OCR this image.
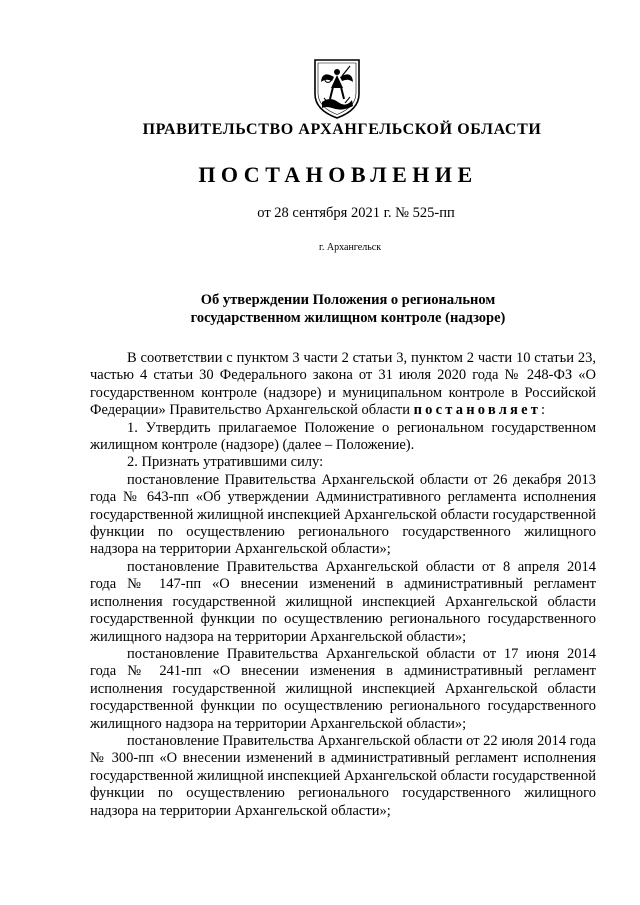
ПРАВИТЕЛЬСТВО АРХАНГЕЛЬСКОЙ ОБЛАСТИ
ПОСТАНОВЛЕНИЕ
от 28 сентября 2021 г. № 525-пп
г. Архангельск
Об утверждении Положения о региональном
государственном жилищном контроле (надзоре)

В соответствии с пунктом 3 части 2 статьи 3, пунктом 2 части 10 статьи 23, частью 4 статьи 30 Федерального закона от 31 июля 2020 года № 248-ФЗ «О государственном контроле (надзоре) и муниципальном контроле в Российской Федерации» Правительство Архангельской области постановляет:

1. Утвердить прилагаемое Положение о региональном государственном жилищном контроле (надзоре) (далее – Положение).

2. Признать утратившими силу:

постановление Правительства Архангельской области от 26 декабря 2013 года № 643-пп «Об утверждении Административного регламента исполнения государственной жилищной инспекцией Архангельской области государственной функции по осуществлению регионального государственного жилищного надзора на территории Архангельской области»;

постановление Правительства Архангельской области от 8 апреля 2014 года № 147-пп «О внесении изменений в административный регламент исполнения государственной жилищной инспекцией Архангельской области государственной функции по осуществлению регионального государственного жилищного надзора на территории Архангельской области»;

постановление Правительства Архангельской области от 17 июня 2014 года № 241-пп «О внесении изменения в административный регламент исполнения государственной жилищной инспекцией Архангельской области государственной функции по осуществлению регионального государственного жилищного надзора на территории Архангельской области»;

постановление Правительства Архангельской области от 22 июля 2014 года № 300-пп «О внесении изменений в административный регламент исполнения государственной жилищной инспекцией Архангельской области государственной функции по осуществлению регионального государственного жилищного надзора на территории Архангельской области»;
